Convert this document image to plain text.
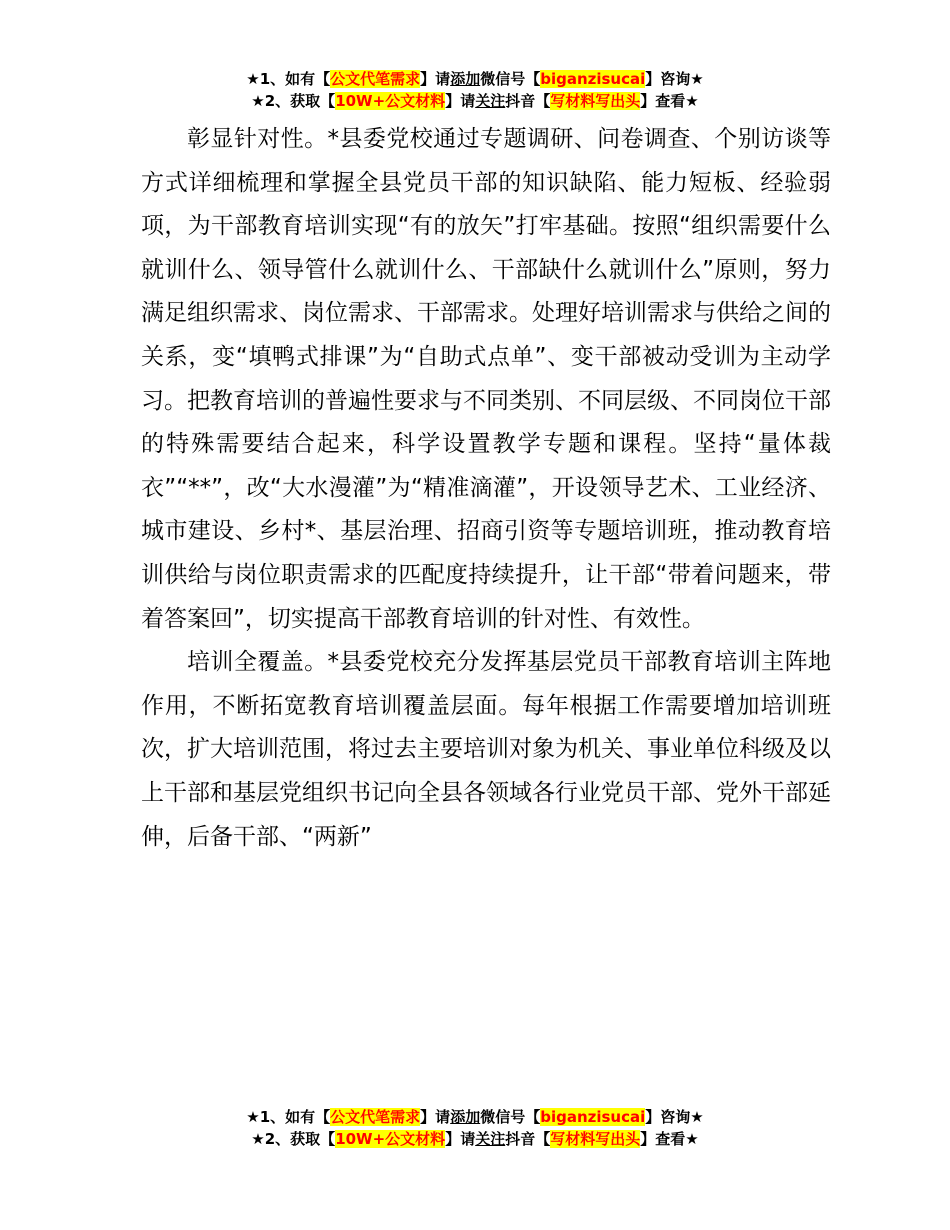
★1、如有【公文代笔需求】请添加微信号【biganzisucai】咨询★
★2、获取【10W+公文材料】请关注抖音【写材料写出头】查看★

彰显针对性。*县委党校通过专题调研、问卷调查、个别访谈等方式详细梳理和掌握全县党员干部的知识缺陷、能力短板、经验弱项，为干部教育培训实现“有的放矢”打牢基础。按照“组织需要什么就训什么、领导管什么就训什么、干部缺什么就训什么”原则，努力满足组织需求、岗位需求、干部需求。处理好培训需求与供给之间的关系，变“填鸭式排课”为“自助式点单”、变干部被动受训为主动学习。把教育培训的普遍性要求与不同类别、不同层级、不同岗位干部的特殊需要结合起来，科学设置教学专题和课程。坚持“量体裁衣”“**”，改“大水漫灌”为“精准滴灌”，开设领导艺术、工业经济、城市建设、乡村*、基层治理、招商引资等专题培训班，推动教育培训供给与岗位职责需求的匹配度持续提升，让干部“带着问题来，带着答案回”，切实提高干部教育培训的针对性、有效性。

培训全覆盖。*县委党校充分发挥基层党员干部教育培训主阵地作用，不断拓宽教育培训覆盖层面。每年根据工作需要增加培训班次，扩大培训范围，将过去主要培训对象为机关、事业单位科级及以上干部和基层党组织书记向全县各领域各行业党员干部、党外干部延伸，后备干部、“两新”

★1、如有【公文代笔需求】请添加微信号【biganzisucai】咨询★
★2、获取【10W+公文材料】请关注抖音【写材料写出头】查看★
